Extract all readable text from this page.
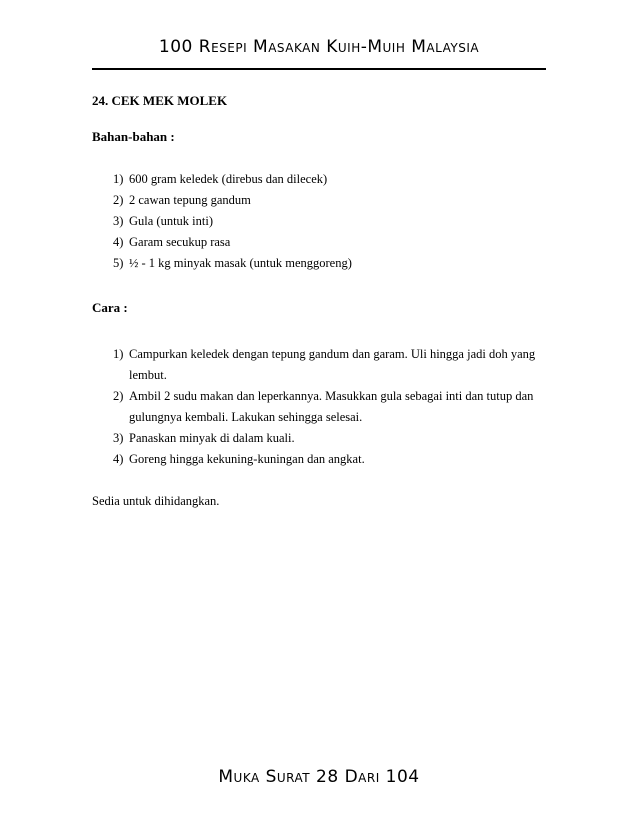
100 Resepi Masakan Kuih-Muih Malaysia
24. CEK MEK MOLEK
Bahan-bahan :
1) 600 gram keledek (direbus dan dilecek)
2) 2 cawan tepung gandum
3) Gula (untuk inti)
4) Garam secukup rasa
5) ½ - 1 kg minyak masak (untuk menggoreng)
Cara :
1) Campurkan keledek dengan tepung gandum dan garam. Uli hingga jadi doh yang lembut.
2) Ambil 2 sudu makan dan leperkannya. Masukkan gula sebagai inti dan tutup dan gulungnya kembali. Lakukan sehingga selesai.
3) Panaskan minyak di dalam kuali.
4) Goreng hingga kekuning-kuningan dan angkat.
Sedia untuk dihidangkan.
Muka Surat 28 Dari 104
